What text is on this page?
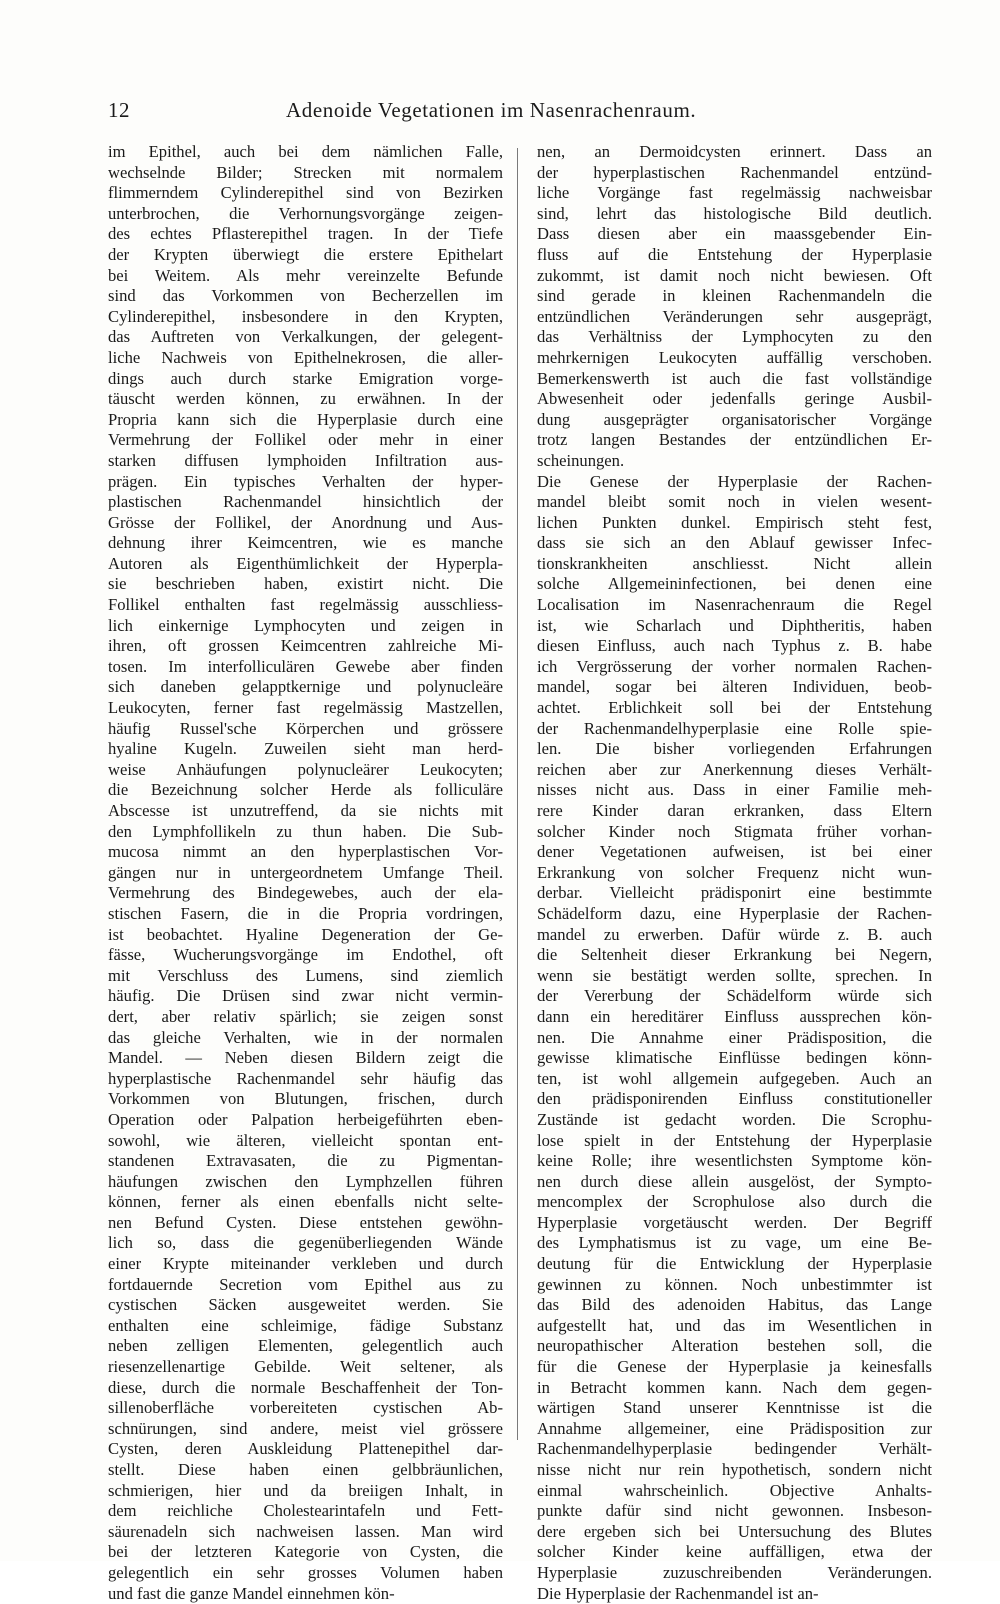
12	Adenoide Vegetationen im Nasenrachenraum.
im Epithel, auch bei dem nämlichen Falle,
wechselnde Bilder; Strecken mit normalem
flimmerndem Cylinderepithel sind von Bezirken
unterbrochen, die Verhornungsvorgänge zeigen-
des echtes Pflasterepithel tragen. In der Tiefe
der Krypten überwiegt die erstere Epithelart
bei Weitem. Als mehr vereinzelte Befunde
sind das Vorkommen von Becherzellen im
Cylinderepithel, insbesondere in den Krypten,
das Auftreten von Verkalkungen, der gelegent-
liche Nachweis von Epithelnekrosen, die aller-
dings auch durch starke Emigration vorge-
täuscht werden können, zu erwähnen. In der
Propria kann sich die Hyperplasie durch eine
Vermehrung der Follikel oder mehr in einer
starken diffusen lymphoiden Infiltration aus-
prägen. Ein typisches Verhalten der hyper-
plastischen Rachenmandel hinsichtlich der
Grösse der Follikel, der Anordnung und Aus-
dehnung ihrer Keimcentren, wie es manche
Autoren als Eigenthümlichkeit der Hyperpla-
sie beschrieben haben, existirt nicht. Die
Follikel enthalten fast regelmässig ausschliess-
lich einkernige Lymphocyten und zeigen in
ihren, oft grossen Keimcentren zahlreiche Mi-
tosen. Im interfolliculären Gewebe aber finden
sich daneben gelapptkernige und polynucleäre
Leukocyten, ferner fast regelmässig Mastzellen,
häufig Russel'sche Körperchen und grössere
hyaline Kugeln. Zuweilen sieht man herd-
weise Anhäufungen polynucleärer Leukocyten;
die Bezeichnung solcher Herde als folliculäre
Abscesse ist unzutreffend, da sie nichts mit
den Lymphfollikeln zu thun haben. Die Sub-
mucosa nimmt an den hyperplastischen Vor-
gängen nur in untergeordnetem Umfange Theil.
Vermehrung des Bindegewebes, auch der ela-
stischen Fasern, die in die Propria vordringen,
ist beobachtet. Hyaline Degeneration der Ge-
fässe, Wucherungsvorgänge im Endothel, oft
mit Verschluss des Lumens, sind ziemlich
häufig. Die Drüsen sind zwar nicht vermin-
dert, aber relativ spärlich; sie zeigen sonst
das gleiche Verhalten, wie in der normalen
Mandel. — Neben diesen Bildern zeigt die
hyperplastische Rachenmandel sehr häufig das
Vorkommen von Blutungen, frischen, durch
Operation oder Palpation herbeigeführten eben-
sowohl, wie älteren, vielleicht spontan ent-
standenen Extravasaten, die zu Pigmentan-
häufungen zwischen den Lymphzellen führen
können, ferner als einen ebenfalls nicht selte-
nen Befund Cysten. Diese entstehen gewöhn-
lich so, dass die gegenüberliegenden Wände
einer Krypte miteinander verkleben und durch
fortdauernde Secretion vom Epithel aus zu
cystischen Säcken ausgeweitet werden. Sie
enthalten eine schleimige, fädige Substanz
neben zelligen Elementen, gelegentlich auch
riesenzellenartige Gebilde. Weit seltener, als
diese, durch die normale Beschaffenheit der Ton-
sillenoberfläche vorbereiteten cystischen Ab-
schnürungen, sind andere, meist viel grössere
Cysten, deren Auskleidung Plattenepithel dar-
stellt. Diese haben einen gelbbräunlichen,
schmierigen, hier und da breiigen Inhalt, in
dem reichliche Cholestearintafeln und Fett-
säurenadeln sich nachweisen lassen. Man wird
bei der letzteren Kategorie von Cysten, die
gelegentlich ein sehr grosses Volumen haben
und fast die ganze Mandel einnehmen kön-
nen, an Dermoidcysten erinnert. Dass an
der hyperplastischen Rachenmandel entzünd-
liche Vorgänge fast regelmässig nachweisbar
sind, lehrt das histologische Bild deutlich.
Dass diesen aber ein maassgebender Ein-
fluss auf die Entstehung der Hyperplasie
zukommt, ist damit noch nicht bewiesen. Oft
sind gerade in kleinen Rachenmandeln die
entzündlichen Veränderungen sehr ausgeprägt,
das Verhältniss der Lymphocyten zu den
mehrkernigen Leukocyten auffällig verschoben.
Bemerkenswerth ist auch die fast vollständige
Abwesenheit oder jedenfalls geringe Ausbil-
dung ausgeprägter organisatorischer Vorgänge
trotz langen Bestandes der entzündlichen Er-
scheinungen.
Die Genese der Hyperplasie der Rachen-
mandel bleibt somit noch in vielen wesent-
lichen Punkten dunkel. Empirisch steht fest,
dass sie sich an den Ablauf gewisser Infec-
tionskrankheiten anschliesst. Nicht allein
solche Allgemeininfectionen, bei denen eine
Localisation im Nasenrachenraum die Regel
ist, wie Scharlach und Diphtheritis, haben
diesen Einfluss, auch nach Typhus z. B. habe
ich Vergrösserung der vorher normalen Rachen-
mandel, sogar bei älteren Individuen, beob-
achtet. Erblichkeit soll bei der Entstehung
der Rachenmandelhyperplasie eine Rolle spie-
len. Die bisher vorliegenden Erfahrungen
reichen aber zur Anerkennung dieses Verhält-
nisses nicht aus. Dass in einer Familie meh-
rere Kinder daran erkranken, dass Eltern
solcher Kinder noch Stigmata früher vorhan-
dener Vegetationen aufweisen, ist bei einer
Erkrankung von solcher Frequenz nicht wun-
derbar. Vielleicht prädisponirt eine bestimmte
Schädelform dazu, eine Hyperplasie der Rachen-
mandel zu erwerben. Dafür würde z. B. auch
die Seltenheit dieser Erkrankung bei Negern,
wenn sie bestätigt werden sollte, sprechen. In
der Vererbung der Schädelform würde sich
dann ein hereditärer Einfluss aussprechen kön-
nen. Die Annahme einer Prädisposition, die
gewisse klimatische Einflüsse bedingen könn-
ten, ist wohl allgemein aufgegeben. Auch an
den prädisponirenden Einfluss constitutioneller
Zustände ist gedacht worden. Die Scrophu-
lose spielt in der Entstehung der Hyperplasie
keine Rolle; ihre wesentlichsten Symptome kön-
nen durch diese allein ausgelöst, der Sympto-
mencomplex der Scrophulose also durch die
Hyperplasie vorgetäuscht werden. Der Begriff
des Lymphatismus ist zu vage, um eine Be-
deutung für die Entwicklung der Hyperplasie
gewinnen zu können. Noch unbestimmter ist
das Bild des adenoiden Habitus, das Lange
aufgestellt hat, und das im Wesentlichen in
neuropathischer Alteration bestehen soll, die
für die Genese der Hyperplasie ja keinesfalls
in Betracht kommen kann. Nach dem gegen-
wärtigen Stand unserer Kenntnisse ist die
Annahme allgemeiner, eine Prädisposition zur
Rachenmandelhyperplasie bedingender Verhält-
nisse nicht nur rein hypothetisch, sondern nicht
einmal wahrscheinlich. Objective Anhalts-
punkte dafür sind nicht gewonnen. Insbeson-
dere ergeben sich bei Untersuchung des Blutes
solcher Kinder keine auffälligen, etwa der
Hyperplasie zuzuschreibenden Veränderungen.
Die Hyperplasie der Rachenmandel ist an-
